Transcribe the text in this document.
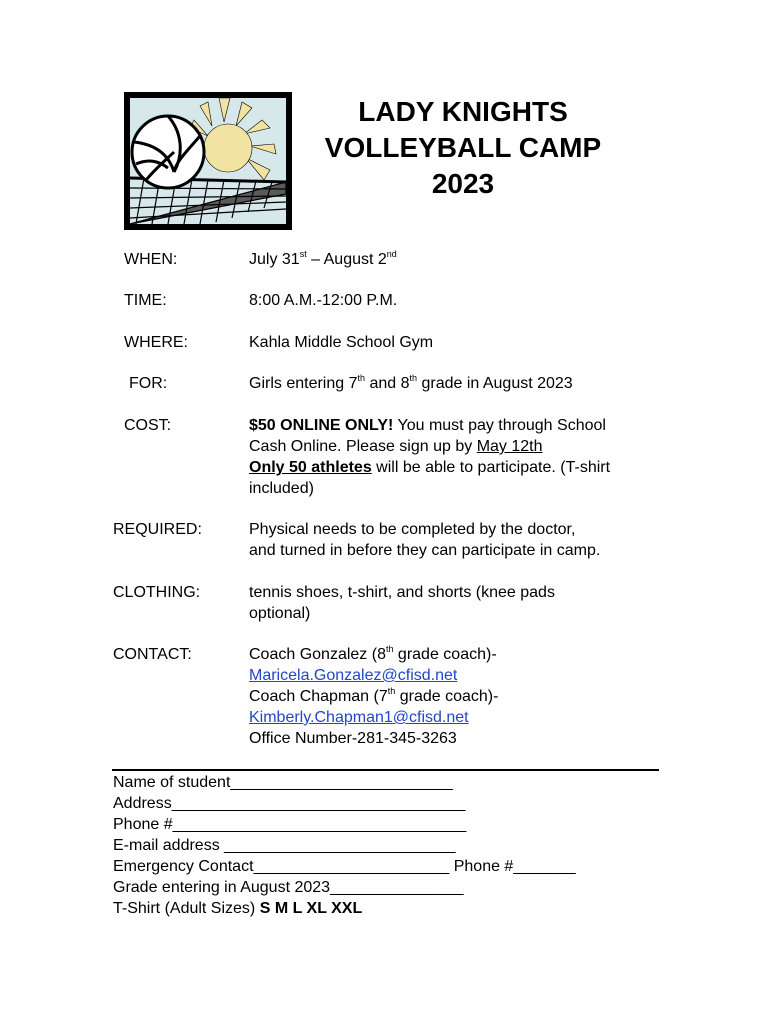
LADY KNIGHTS
VOLLEYBALL CAMP
2023
WHEN:	July 31st – August 2nd
TIME:	8:00 A.M.-12:00 P.M.
WHERE:	Kahla Middle School Gym
FOR:	Girls entering 7th and 8th grade in August 2023
COST:	$50 ONLINE ONLY! You must pay through School
Cash Online. Please sign up by May 12th
Only 50 athletes will be able to participate. (T-shirt
included)
REQUIRED:	Physical needs to be completed by the doctor,
and turned in before they can participate in camp.
CLOTHING:	tennis shoes, t-shirt, and shorts (knee pads
optional)
CONTACT:	Coach Gonzalez (8th grade coach)-
Maricela.Gonzalez@cfisd.net
Coach Chapman (7th grade coach)-
Kimberly.Chapman1@cfisd.net
Office Number-281-345-3263
Name of student_________________________
Address_________________________________
Phone #_________________________________
E-mail address __________________________
Emergency Contact______________________ Phone #_______
Grade entering in August 2023_______________
T-Shirt (Adult Sizes) S M L XL XXL
